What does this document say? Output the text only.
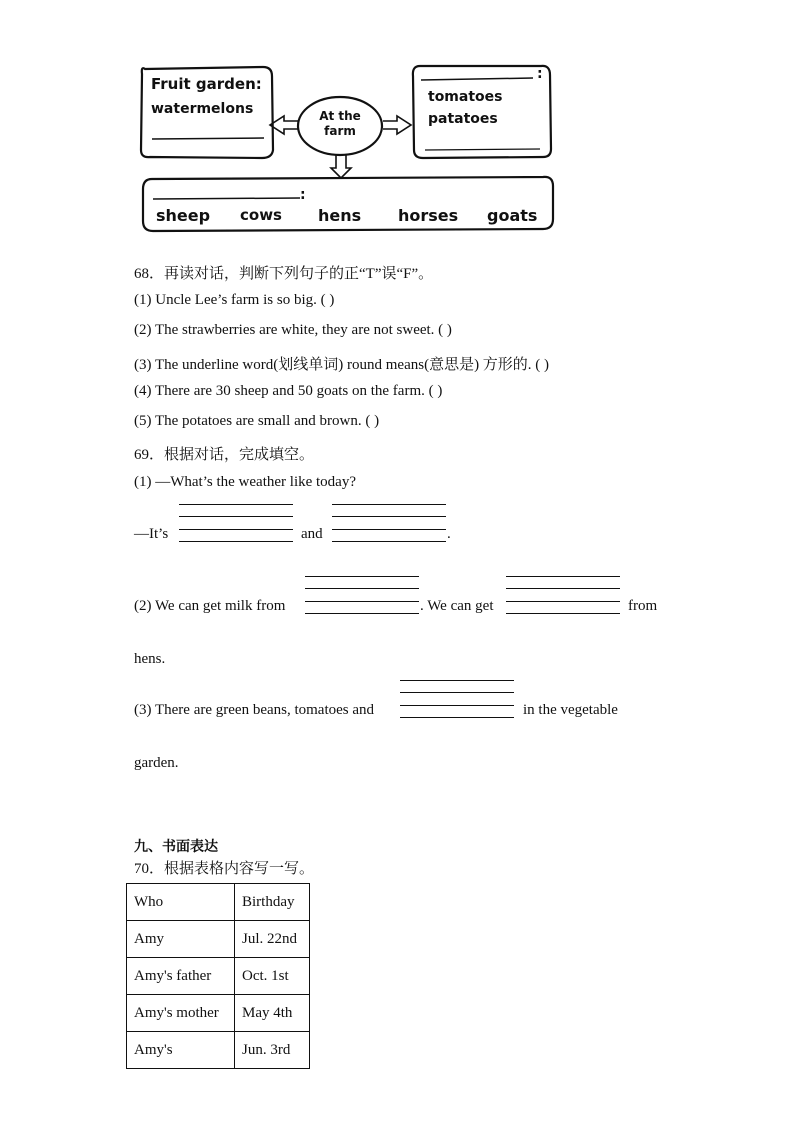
Fruit garden:
watermelons
:
tomatoes
patatoes
At the
farm
:
sheep cows hens horses goats
68．再读对话，判断下列句子的正“T”误“F”。
(1) Uncle Lee’s farm is so big. ( )
(2) The strawberries are white, they are not sweet. ( )
(3) The underline word(划线单词) round means(意思是) 方形的. ( )
(4) There are 30 sheep and 50 goats on the farm. ( )
(5) The potatoes are small and brown. ( )
69．根据对话，完成填空。
(1) —What’s the weather like today?
—It’s	and	.
(2) We can get milk from	. We can get	from
hens.
(3) There are green beans, tomatoes and	in the vegetable
garden.
九、书面表达
70．根据表格内容写一写。
Who	Birthday
Amy	Jul. 22nd
Amy's father	Oct. 1st
Amy's mother	May 4th
Amy's	Jun. 3rd
